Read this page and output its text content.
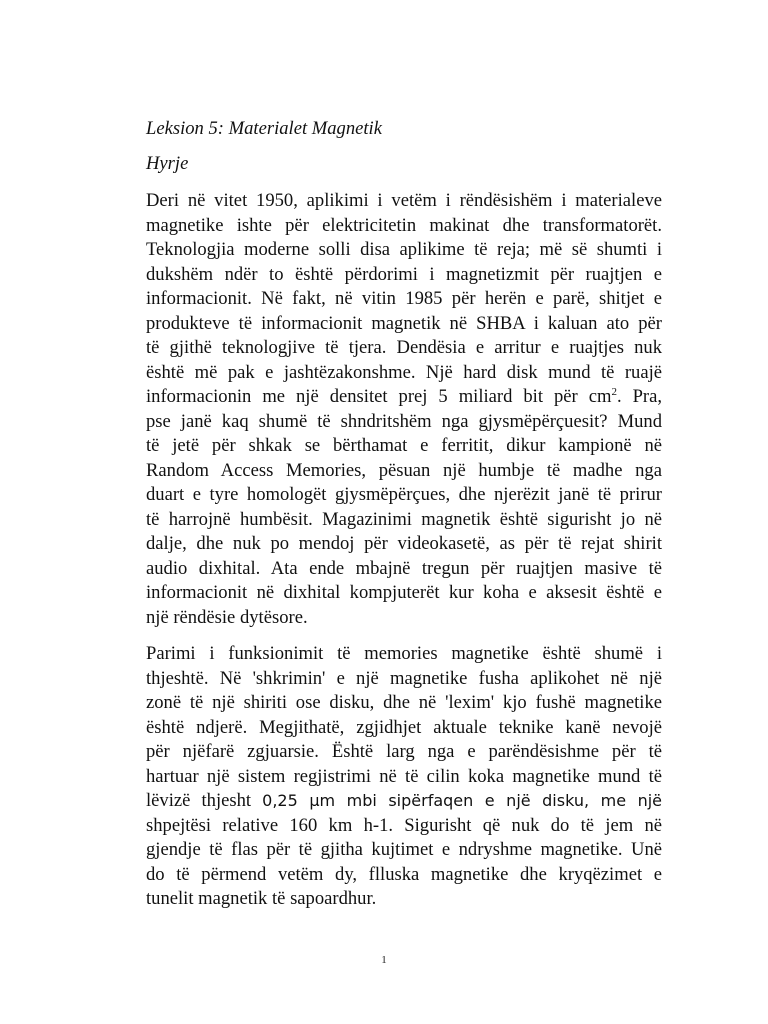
Leksion 5: Materialet Magnetik

Hyrje

Deri në vitet 1950, aplikimi i vetëm i rëndësishëm i materialeve
magnetike ishte për elektricitetin makinat dhe transformatorët.
Teknologjia moderne solli disa aplikime të reja; më së shumti i
dukshëm ndër to është përdorimi i magnetizmit për ruajtjen e
informacionit. Në fakt, në vitin 1985 për herën e parë, shitjet e
produkteve të informacionit magnetik në SHBA i kaluan ato për
të gjithë teknologjive të tjera. Dendësia e arritur e ruajtjes nuk
është më pak e jashtëzakonshme. Një hard disk mund të ruajë
informacionin me një densitet prej 5 miliard bit për $cm^2$. Pra,
pse janë kaq shumë të shndritshëm nga gjysmëpërçuesit? Mund
të jetë për shkak se bërthamat e ferritit, dikur kampionë në
Random Access Memories, pësuan një humbje të madhe nga
duart e tyre homologët gjysmëpërçues, dhe njerëzit janë të prirur
të harrojnë humbësit. Magazinimi magnetik është sigurisht jo në
dalje, dhe nuk po mendoj për videokasetë, as për të rejat shirit
audio dixhital. Ata ende mbajnë tregun për ruajtjen masive të
informacionit në dixhital kompjuterët kur koha e aksesit është e
një rëndësie dytësore.
Parimi i funksionimit të memories magnetike është shumë i
thjeshtë. Në 'shkrimin' e një magnetike fusha aplikohet në një
zonë të një shiriti ose disku, dhe në 'lexim' kjo fushë magnetike
është ndjerë. Megjithatë, zgjidhjet aktuale teknike kanë nevojë
për njëfarë zgjuarsie. Është larg nga e parëndësishme për të
hartuar një sistem regjistrimi në të cilin koka magnetike mund të
lëvizë thjesht 0,25 μm mbi sipërfaqen e një disku, me një
shpejtësi relative 160 km h-1. Sigurisht që nuk do të jem në
gjendje të flas për të gjitha kujtimet e ndryshme magnetike. Unë
do të përmend vetëm dy, flluska magnetike dhe kryqëzimet e
tunelit magnetik të sapoardhur.
1
